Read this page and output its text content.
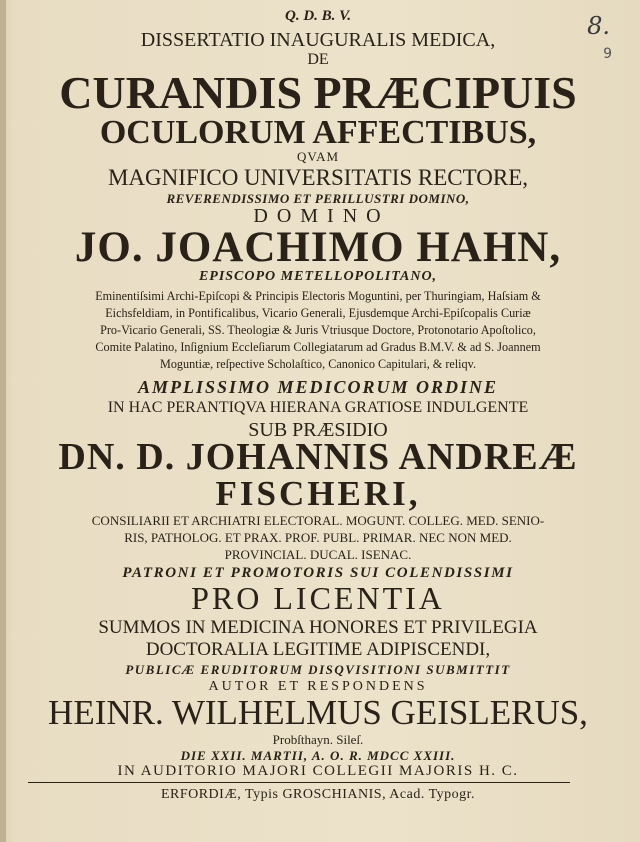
8.
9
Q. D. B. V.
DISSERTATIO INAUGURALIS MEDICA,
DE
CURANDIS PRÆCIPUIS
OCULORUM AFFECTIBUS,
QVAM
MAGNIFICO UNIVERSITATIS RECTORE,
REVERENDISSIMO ET PERILLUSTRI DOMINO,
D O M I N O
JO. JOACHIMO HAHN,
EPISCOPO METELLOPOLITANO,
Eminentiſsimi Archi-Epiſcopi & Principis Electoris Moguntini, per Thuringiam, Haſsiam &
Eichsfeldiam, in Pontificalibus, Vicario Generali, Ejusdemque Archi-Epiſcopalis Curiæ
Pro-Vicario Generali, SS. Theologiæ & Juris Vtriusque Doctore, Protonotario Apoſtolico,
Comite Palatino, Inſignium Eccleſiarum Collegiatarum ad Gradus B.M.V. & ad S. Joannem
Moguntiæ, reſpective Scholaſtico, Canonico Capitulari, & reliqv.
AMPLISSIMO MEDICORUM ORDINE
IN HAC PERANTIQVA HIERANA GRATIOSE INDULGENTE
SUB PRÆSIDIO
DN. D. JOHANNIS ANDREÆ
FISCHERI,
CONSILIARII ET ARCHIATRI ELECTORAL. MOGUNT. COLLEG. MED. SENIO-
RIS, PATHOLOG. ET PRAX. PROF. PUBL. PRIMAR. NEC NON MED.
PROVINCIAL. DUCAL. ISENAC.
PATRONI ET PROMOTORIS SUI COLENDISSIMI
PRO LICENTIA
SUMMOS IN MEDICINA HONORES ET PRIVILEGIA
DOCTORALIA LEGITIME ADIPISCENDI,
PUBLICÆ ERUDITORUM DISQVISITIONI SUBMITTIT
AUTOR ET RESPONDENS
HEINR. WILHELMUS GEISLERUS,
Probſthayn. Sileſ.
DIE XXII. MARTII, A. O. R. MDCC XXIII.
IN AUDITORIO MAJORI COLLEGII MAJORIS H. C.
ERFORDIÆ, Typis GROSCHIANIS, Acad. Typogr.
